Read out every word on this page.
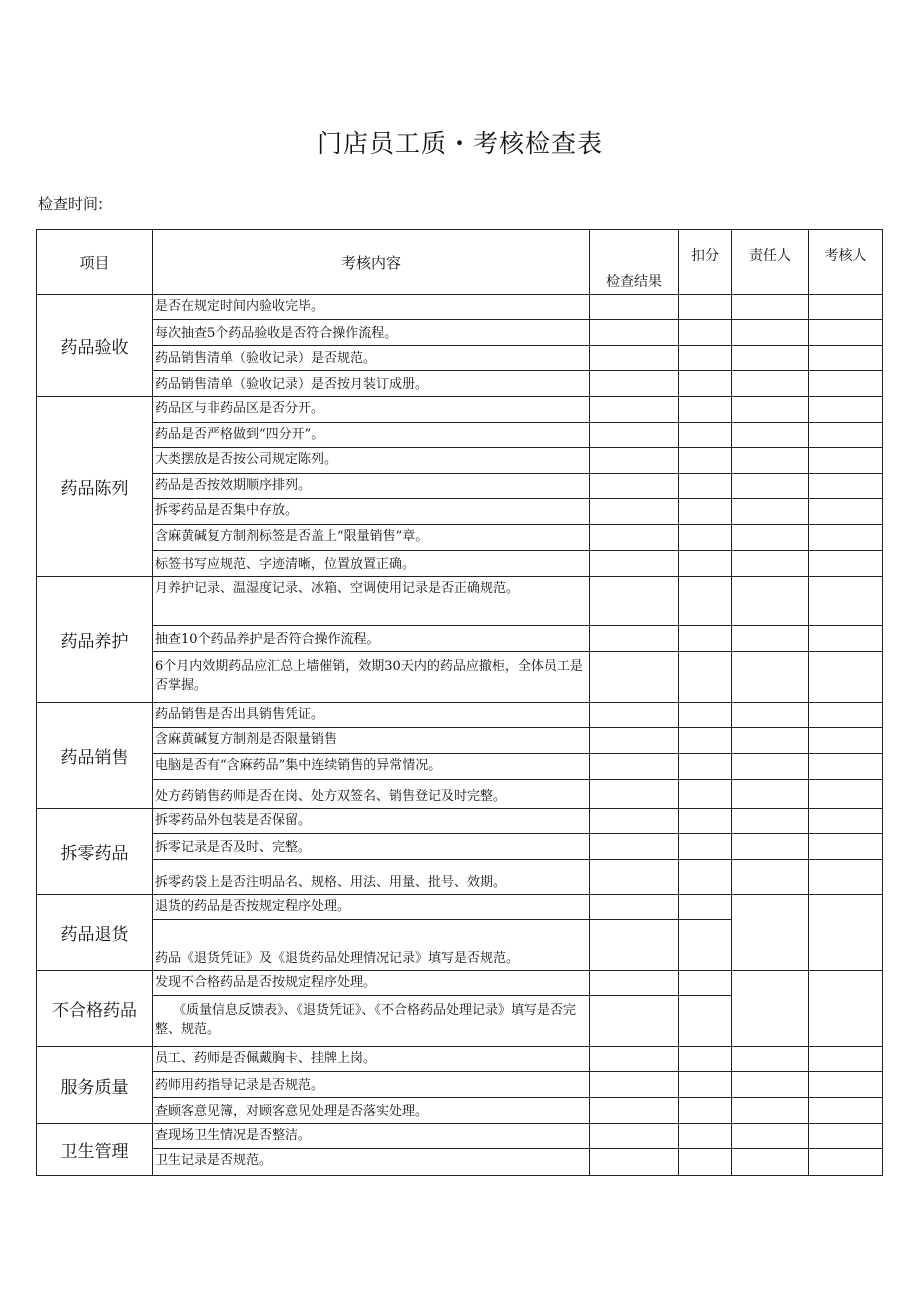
门店员工质・考核检查表
检查时间:
项目	考核内容	检查结果	扣分	责任人	考核人
药品验收	是否在规定时间内验收完毕。				
	每次抽查5个药品验收是否符合操作流程。				
	药品销售清单（验收记录）是否规范。				
	药品销售清单（验收记录）是否按月装订成册。				
药品陈列	药品区与非药品区是否分开。				
	药品是否严格做到“四分开”。				
	大类摆放是否按公司规定陈列。				
	药品是否按效期顺序排列。				
	拆零药品是否集中存放。				
	含麻黄碱复方制剂标签是否盖上“限量销售”章。				
	标签书写应规范、字迹清晰，位置放置正确。				
药品养护	月养护记录、温湿度记录、冰箱、空调使用记录是否正确规范。				
	抽查10个药品养护是否符合操作流程。				
	6个月内效期药品应汇总上墙催销，效期30天内的药品应撤柜，全体员工是否掌握。				
药品销售	药品销售是否出具销售凭证。				
	含麻黄碱复方制剂是否限量销售				
	电脑是否有“含麻药品”集中连续销售的异常情况。				
	处方药销售药师是否在岗、处方双签名、销售登记及时完整。				
拆零药品	拆零药品外包装是否保留。				
	拆零记录是否及时、完整。				
	拆零药袋上是否注明品名、规格、用法、用量、批号、效期。				
药品退货	退货的药品是否按规定程序处理。				
	药品《退货凭证》及《退货药品处理情况记录》填写是否规范。				
不合格药品	发现不合格药品是否按规定程序处理。				
	《质量信息反馈表》、《退货凭证》、《不合格药品处理记录》填写是否完整、规范。				
服务质量	员工、药师是否佩戴胸卡、挂牌上岗。				
	药师用药指导记录是否规范。				
	查顾客意见簿，对顾客意见处理是否落实处理。				
卫生管理	查现场卫生情况是否整洁。				
	卫生记录是否规范。				
